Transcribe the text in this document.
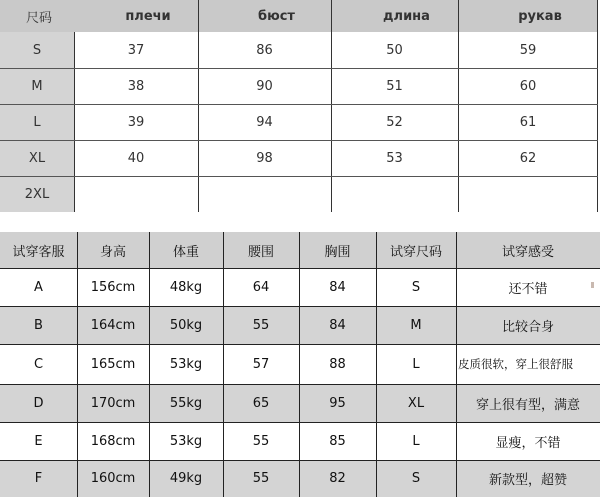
尺码	плечи	бюст	длина	рукав
S	37	86	50	59
M	38	90	51	60
L	39	94	52	61
XL	40	98	53	62
2XL
试穿客服	身高	体重	腰围	胸围	试穿尺码	试穿感受
A	156cm	48kg	64	84	S	还不错
B	164cm	50kg	55	84	M	比较合身
C	165cm	53kg	57	88	L	皮质很软，穿上很舒服
D	170cm	55kg	65	95	XL	穿上很有型，满意
E	168cm	53kg	55	85	L	显瘦，不错
F	160cm	49kg	55	82	S	新款型，超赞
